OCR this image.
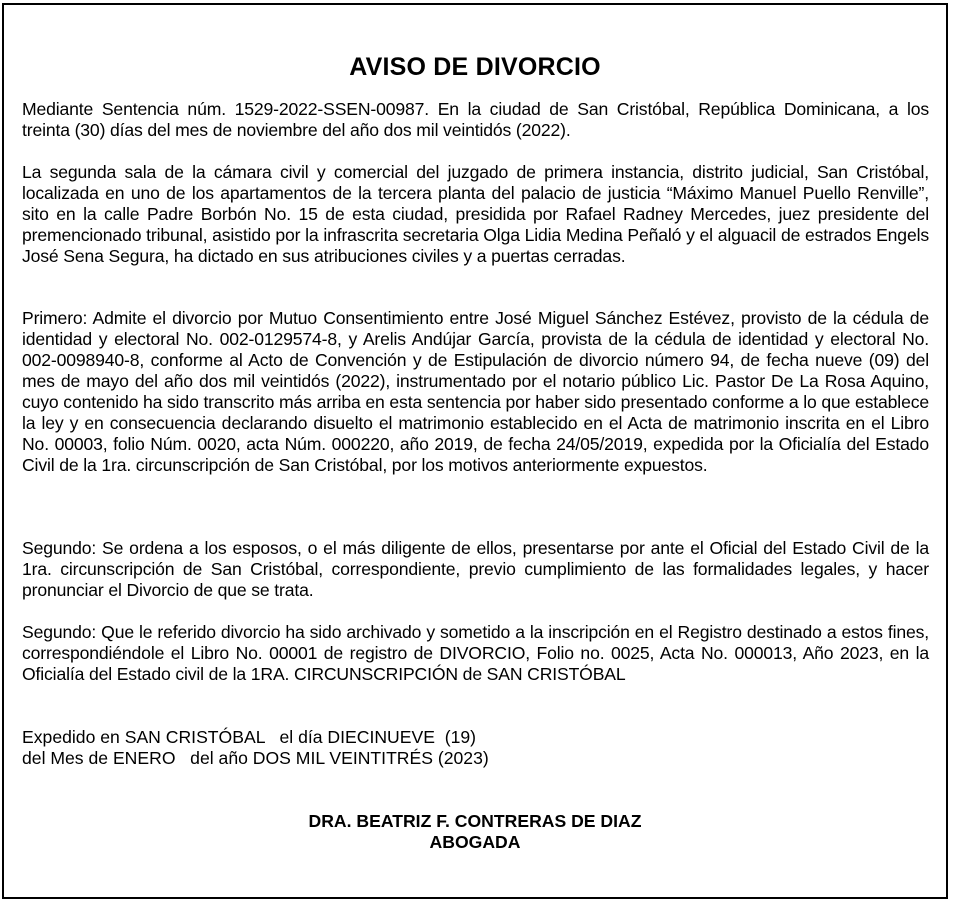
AVISO DE DIVORCIO

Mediante Sentencia núm. 1529-2022-SSEN-00987. En la ciudad de San Cristóbal, República Dominicana, a los treinta (30) días del mes de noviembre del año dos mil veintidós (2022).

La segunda sala de la cámara civil y comercial del juzgado de primera instancia, distrito judicial, San Cristóbal, localizada en uno de los apartamentos de la tercera planta del palacio de justicia “Máximo Manuel Puello Renville”, sito en la calle Padre Borbón No. 15 de esta ciudad, presidida por Rafael Radney Mercedes, juez presidente del premencionado tribunal, asistido por la infrascrita secretaria Olga Lidia Medina Peñaló y el alguacil de estrados Engels José Sena Segura, ha dictado en sus atribuciones civiles y a puertas cerradas.

Primero: Admite el divorcio por Mutuo Consentimiento entre José Miguel Sánchez Estévez, provisto de la cédula de identidad y electoral No. 002-0129574-8, y Arelis Andújar García, provista de la cédula de identidad y electoral No. 002-0098940-8, conforme al Acto de Convención y de Estipulación de divorcio número 94, de fecha nueve (09) del mes de mayo del año dos mil veintidós (2022), instrumentado por el notario público Lic. Pastor De La Rosa Aquino, cuyo contenido ha sido transcrito más arriba en esta sentencia por haber sido presentado conforme a lo que establece la ley y en consecuencia declarando disuelto el matrimonio establecido en el Acta de matrimonio inscrita en el Libro No. 00003, folio Núm. 0020, acta Núm. 000220, año 2019, de fecha 24/05/2019, expedida por la Oficialía del Estado Civil de la 1ra. circunscripción de San Cristóbal, por los motivos anteriormente expuestos.

Segundo: Se ordena a los esposos, o el más diligente de ellos, presentarse por ante el Oficial del Estado Civil de la 1ra. circunscripción de San Cristóbal, correspondiente, previo cumplimiento de las formalidades legales, y hacer pronunciar el Divorcio de que se trata.

Segundo: Que le referido divorcio ha sido archivado y sometido a la inscripción en el Registro destinado a estos fines, correspondiéndole el Libro No. 00001 de registro de DIVORCIO, Folio no. 0025, Acta No. 000013, Año 2023, en la Oficialía del Estado civil de la 1RA. CIRCUNSCRIPCIÓN de SAN CRISTÓBAL

Expedido en SAN CRISTÓBAL   el día DIECINUEVE  (19)

del Mes de ENERO   del año DOS MIL VEINTITRÉS (2023)

DRA. BEATRIZ F. CONTRERAS DE DIAZ
ABOGADA
